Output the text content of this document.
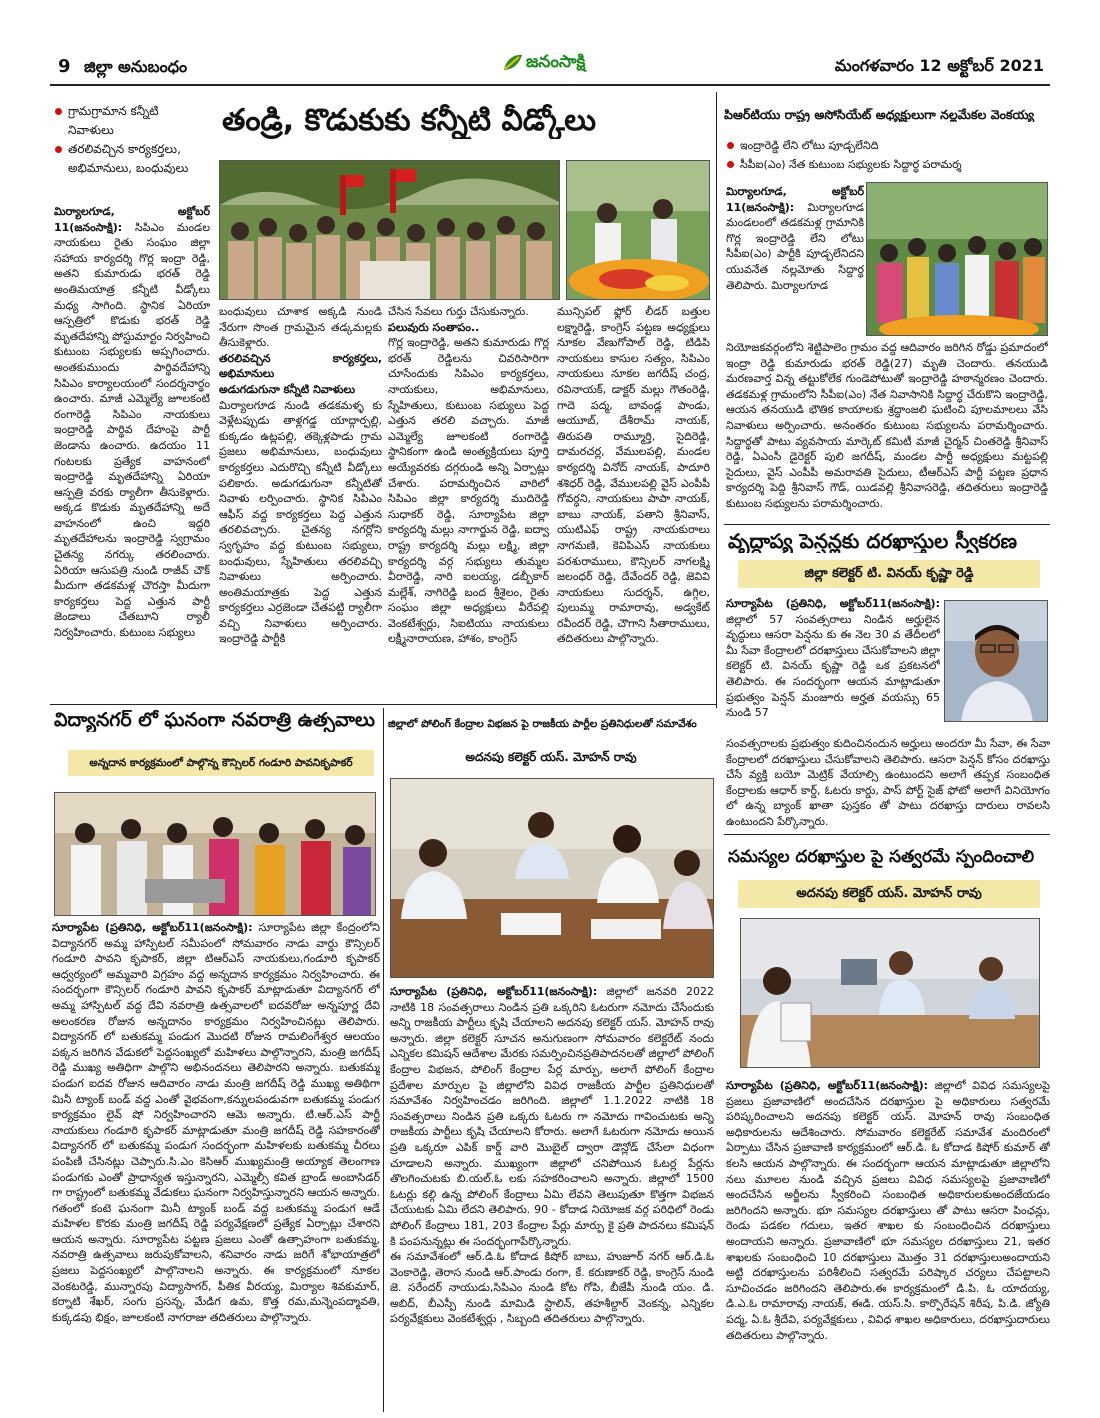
9 జిల్లా అనుబంధం	జనంసాక్షి	మంగళవారం 12 అక్టోబర్ 2021
గ్రామగ్రామాన కన్నీటి నివాళులు
తరలివచ్చిన కార్యకర్తలు, అభిమానులు, బంధువులు
తండ్రి, కొడుకుకు కన్నీటి వీడ్కోలు
మిర్యాలగూడ, అక్టోబర్ 11(జనంసాక్షి): సిపిఎం మండల నాయకులు రైతు సంఘం జిల్లా సహాయ కార్యదర్శి గొర్ల ఇంద్రా రెడ్డి, అతని కుమారుడు భరత్ రెడ్డి అంతిమయాత్ర కన్నీటి వీడ్కోలు మధ్య సాగింది. స్థానిక ఏరియా ఆస్పత్రిలో కొడుకు భరత్ రెడ్డి మృతదేహాన్ని పోస్టుమార్టం నిర్వహించి కుటుంబ సభ్యులకు అప్పగించారు. అంతకుముందు పార్థివదేహాన్ని సిపిఎం కార్యాలయంలో సందర్శనార్థం ఉంచారు. మాజీ ఎమ్మెల్యే జూలకంటి రంగారెడ్డి సిపిఎం నాయకులు ఇంద్రారెడ్డి పార్థివ దేహంపై పార్టీ జెండాను ఉంచారు. ఉదయం 11 గంటలకు ప్రత్యేక వాహనంలో ఇంద్రారెడ్డి మృతదేహాన్ని ఏరియా ఆస్పత్రి వరకు ర్యాలీగా తీసుకెళ్లారు. అక్కడ కొడుకు మృతదేహాన్ని అదే వాహనంలో ఉంచి ఇద్దరి మృతదేహాలను ఇంద్రారెడ్డి స్వగ్రామం చైతన్య నగర్కు తరలించారు. ఏరియా ఆసుపత్రి నుండి రాజీవ్ చౌక్ మీదుగా తడకమళ్ల చౌరస్తా మీదుగా కార్యకర్తలు పెద్ద ఎత్తున పార్టీ జెండాలు చేతబూని ర్యాలీ నిర్వహించారు. కుటుంబ సభ్యులు

బంధువులు చూశాక అక్కడి నుండి నేరుగా సొంత గ్రామమైన తడ్కమల్లకు తీసుకెళ్లారు.

తరలివచ్చిన కార్యకర్తలు, అభిమానులు

అడుగడుగునా కన్నీటి నివాళులు

మిర్యాలగూడ నుండి తడకమళ్ళ కు వెళ్లేటప్పుడు తాళ్లగడ్డ యాద్గార్పల్లి, కుక్కడం ఉట్లపల్లి, తక్కెళ్లపాడు గ్రామ ప్రజలు అభిమానులు, బంధువులు కార్యకర్తలు ఎదురొచ్చి కన్నీటి వీడ్కోలు పలికారు. అడుగడుగునా కన్నీటితో నివాళు లర్పించారు. స్థానిక సిపిఎం ఆఫీస్ వద్ద కార్యకర్తలు పెద్ద ఎత్తున తరలివచ్చారు. చైతన్య నగర్లోని స్వగృహం వద్ద కుటుంబ సభ్యులు, బంధువులు, స్నేహితులు తరలివచ్చి నివాళులు అర్పించారు. అంతిమయాత్రకు పెద్ద ఎత్తున కార్యకర్తలు ఎర్రజెండా చేతపట్టి ర్యాలీగా వచ్చి నివాళులు అర్పించారు. ఇంద్రారెడ్డి పార్టీకి

చేసిన సేవలు గుర్తు చేసుకున్నారు.

పలువురు సంతాపం..

గొర్ల ఇంద్రారెడ్డి, అతని కుమారుడు గొర్ల భరత్ రెడ్డిలను చివరిసారిగా చూసేందుకు సిపిఎం కార్యకర్తలు, నాయకులు, అభిమానులు, స్నేహితులు, కుటుంబ సభ్యులు పెద్ద ఎత్తున తరలి వచ్చారు. మాజీ ఎమ్మెల్యే జూలకంటి రంగారెడ్డి స్థానికంగా ఉండి అంత్యక్రియలు పూర్తి అయ్యేవరకు దగ్గరుండి అన్ని ఏర్పాట్లు చేశారు. పరామర్శించిన వారిలో సిపిఎం జిల్లా కార్యదర్శి ముదిరెడ్డి సుధాకర్ రెడ్డి, సూర్యాపేట జిల్లా కార్యదర్శి మల్లు నాగార్జున రెడ్డి, ఐద్వా రాష్ట్ర కార్యదర్శి మల్లు లక్ష్మి, జిల్లా కార్యదర్శి వర్గ సభ్యులు తుమ్మల వీరారెడ్డి, నారి ఐలయ్య, డబ్బీకార్ మల్లేశ్, నాగిరెడ్డి బంద శ్రీశైలం, రైతు సంఘం జిల్లా అధ్యక్షులు వీరేపల్లి వెంకటేశ్వర్లు, సిఐటియు నాయకులు లక్ష్మీనారాయణ, హాశం, కాంగ్రెస్

మున్సిపల్ ఫ్లోర్ లీడర్ బత్తుల లక్ష్మారెడ్డి, కాంగ్రెస్ పట్టణ అధ్యక్షులు నూకల వేణుగోపాల్ రెడ్డి, టిడిపి నాయకులు కాసుల సత్యం, సిపిఎం నాయకులు నూకల జగదీష్ చంద్ర, రవినాయక్, డాక్టర్ మల్లు గౌతంరెడ్డి, గాదె పద్మ, బావండ్ల పాండు, ఆయూబ్, దేశీరామ్ నాయక్, తిరుపతి రామ్మూర్తి, సైదిరెడ్డి, దామరచర్ల, వేములపల్లి, మండల కార్యదర్శి వినోద్ నాయక్, పాదూరి శశిధర్ రెడ్డి, వేములపల్లి వైస్ ఎంపీపీ గోవర్ధని, నాయకులు పాపా నాయక్, బాబు నాయక్, పతాని శ్రీనివాస్, యుటిఎఫ్ రాష్ట్ర నాయకురాలు నాగమణి, కెవిపిఎస్ నాయకులు పరశురాములు, కౌన్సిలర్ నాగలక్ష్మి జలంధర్ రెడ్డి, దేవేందర్ రెడ్డి, జెవివి నాయకులు సుదర్శన్, ఉగ్గిల, పులుమ్మ రామారావు, అడ్వకేట్ రవీందర్ రెడ్డి, చౌగాని సీతారాములు, తదితరులు పాల్గొన్నారు.
పిఆర్‌టియు రాష్ట్ర అసోసియేట్ అధ్యక్షులుగా నల్లమేకల వెంకయ్య
ఇంద్రారెడ్డి లేని లోటు పూడ్చలేనిది
సీపీఐ(ఎం) నేత కుటుంబ సభ్యులకు సిద్దార్థ పరామర్శ
మిర్యాలగూడ, అక్టోబర్ 11(జనంసాక్షి): మిర్యాలగూడ మండలంలో తడకమళ్ల గ్రామానికి గొర్ల ఇంద్రారెడ్డి లేని లోటు సీపీఐ(ఎం) పార్టీకి పూడ్చలేనిదని యువనేత నల్లమోతు సిద్దార్థ తెలిపారు. మిర్యాలగూడ
నియోజకవర్గంలోని శెట్టిపాలెం గ్రామం వద్ద ఆదివారం జరిగిన రోడ్డు ప్రమాదంలో ఇంద్రా రెడ్డి కుమారుడు భరత్ రెడ్డి(27) మృతి చెందారు. తనయుడి మరణవార్త విన్న తట్టుకోలేక గుండెపోటుతో ఇంద్రారెడ్డి హఠాన్మరణం చెందారు. తడకమళ్ల గ్రామంలోని సీపీఐ(ఎం) నేత నివాసానికి సిద్దార్థ చేరుకొని ఇంద్రారెడ్డి, ఆయన తనయుడి భౌతిక కాయాలకు శ్రద్ధాంజలి ఘటించి పూలమాలలు వేసి నివాళులు అర్పించారు. అనంతరం కుటుంబ సభ్యులను పరామర్శించారు. సిద్దార్థతో పాటు వ్యవసాయ మార్కెట్ కమిటీ మాజీ చైర్మన్ చింతరెడ్డి శ్రీనివాస్ రెడ్డి, ఏఎంసీ డైరెక్టర్ పులి జగదీష్, మండల పార్టీ అధ్యక్షులు మట్టపల్లి సైదులు, వైస్ ఎంపీపీ అమరావతి సైదులు, టీఆర్ఎస్ పార్టీ పట్టణ ప్రధాన కార్యదర్శి పెద్ది శ్రీనివాస్ గౌడ్, యిడవల్లి శ్రీనివాసరెడ్డి, తదితరులు ఇంద్రారెడ్డి కుటుంబ సభ్యులను పరామర్శించారు.
వృద్ధాప్య పెన్షన్లకు దరఖాస్తుల స్వీకరణ
జిల్లా కలెక్టర్ టి. వినయ్ కృష్ణా రెడ్డి
సూర్యాపేట (ప్రతినిధి, అక్టోబర్11(జనంసాక్షి): జిల్లాలో 57 సంవత్సరాలు నిండిన అర్హులైన వృద్ధులు ఆసరా పెన్షను కు ఈ నెల 30 వ తేదీలలో మీ సేవా కేంద్రాలలో దరఖాస్తులు చేసుకోవాలని జిల్లా కలెక్టర్ టి. వినయ్ కృష్ణా రెడ్డి ఒక ప్రకటనలో తెలిపారు. ఈ సందర్భంగా ఆయన మాట్లాడుతూ ప్రభుత్వం పెన్షన్ మంజూరు అర్హత వయస్సు 65 నుండి 57
సంవత్సరాలకు ప్రభుత్వం కుదించినందున అర్హులు అందరూ మీ సేవా, ఈ సేవా కేంద్రాలలో దరఖాస్తులు చేసుకోవాలని తెలిపారు. ఆసరా పెన్షన్ కోసం దరఖాస్తు చేసే వ్యక్తి బయో మెట్రిక్ వేయాల్సి ఉంటుందని అలాగే తప్పక సంబంధిత కేంద్రాలకు ఆధార్ కార్డ్, ఓటరు కార్డు, పాస్ పోర్ట్ సైజ్ ఫోటో అలాగే వినియోగం లో ఉన్న బ్యాంక్ ఖాతా పుస్తకం తో పాటు దరఖాస్తు దారులు రావలసి ఉంటుందని పేర్కొన్నారు.
సమస్యల దరఖాస్తుల పై సత్వరమే స్పందించాలి
అదనపు కలెక్టర్ యస్. మోహన్ రావు
సూర్యాపేట (ప్రతినిధి, అక్టోబర్11(జనంసాక్షి): జిల్లాలో వివిధ సమస్యలపై ప్రజలు ప్రజావాణిలో అందచేసిన దరఖాస్తుల పై అధికారులు సత్వరమే పరిష్కరించాలని అదనపు కలెక్టర్ యస్. మోహన్ రావు సంబంధిత అధికారులను ఆదేశించారు. సోమవారం కలెక్టరేట్ సమావేశ మందిరంలో ఏర్పాటు చేసిన ప్రజావాణి కార్యక్రమంలో ఆర్.డి. ఓ కోదాడ కిషోర్ కుమార్ తో కలసి ఆయన పాల్గొన్నారు. ఈ సందర్భంగా ఆయన మాట్లాడుతూ జిల్లాలోని నలు మూలల నుండి వచ్చిన ప్రజలు వివిధ సమస్యలపై ప్రజావాణిలో అందచేసిన అర్జీలను స్వీకరించి సంబంధిత అధికారులకుఅందజేయడం జరిగిందని అన్నారు. భూ సమస్యల దరఖాస్తులు తో పాటు ఆసరా పింఛన్లు, రెండు పడకల గదులు, ఇతర శాఖల కు సంబంధించిన దరఖాస్తులు అందాయని అన్నారు. ప్రజావాణిలో భూ సమస్యల దరఖాస్తులు 21, ఇతర శాఖలకు సంబంధించి 10 దరఖాస్తులు మొత్తం 31 దరఖాస్తులుఅందాయని అట్టి దరఖాస్తులను పరిశీలించి సత్వరమే పరిష్కార చర్యలు చేపట్టాలని సూచించడం జరిగిందని తెలిపారు.ఈ కార్యక్రమంలో డి.పి. ఓ యాదయ్య, డి.ఎ.ఓ రామారావు నాయక్, ఈడి. యస్.సి. కార్పొరేషన్ శిరీష, పి.డి. జ్యోతి పద్మ, ఏ.ఓ శ్రీదేవి, పర్యవేక్షకులు , వివిధ శాఖల అధికారులు, దరఖాస్తుదారులు తదితరులు పాల్గొన్నారు.
విద్యానగర్ లో ఘనంగా నవరాత్రి ఉత్సవాలు
అన్నదాన కార్యక్రమంలో పాల్గొన్న కౌన్సిలర్ గండూరి పావనికృపాకర్
సూర్యాపేట (ప్రతినిధి, అక్టోబర్11(జనంసాక్షి): సూర్యాపేట జిల్లా కేంద్రంలోని విద్యానగర్ అమ్మ హాస్పిటల్ సమీపంలో సోమవారం నాడు వార్డు కౌన్సిలర్ గండూరి పావని కృపాకర్, జిల్లా టిఆర్ఎస్ నాయకులు,గండూరి కృపాకర్ ఆధ్వర్యంలో అమ్మవారి విగ్రహం వద్ద అన్నదాన కార్యక్రమం నిర్వహించారు. ఈ సందర్భంగా కౌన్సిలర్ గండూరి పావని కృపాకర్ మాట్లాడుతూ విద్యానగర్ లో అమ్మ హాస్పిటల్ వద్ద దేవి నవరాత్రి ఉత్సవాలలో ఐదవరోజు అన్నపూర్ణ దేవి అలంకరణ రోజున అన్నదానం కార్యక్రమం నిర్వహించినట్లు తెలిపారు. విద్యానగర్ లో బతుకమ్మ పండుగ మొదటి రోజున రామలింగేశ్వర ఆలయం పక్కన జరిగిన వేడుకలో పెద్దసంఖ్యలో మహిళలు పాల్గొన్నారని, మంత్రి జగదీష్ రెడ్డి ముఖ్య అతిధిగా పాల్గొని అభినందనలు తెలిపారని అన్నారు. బతుకమ్మ పండుగ ఐదవ రోజున ఆదివారం నాడు మంత్రి జగదీష్ రెడ్డి ముఖ్య అతిథిగా మినీ ట్యాంక్ బండ్ వద్ద ఎంతో వైభవంగా,కన్నులపండువగా బతుకమ్మ పండుగ కార్యక్రమం లైవ్ షో నిర్వహించారని ఆమె అన్నారు. టి.ఆర్.ఎస్ పార్టీ నాయకులు గండూరి కృపాకర్ మాట్లాడుతూ మంత్రి జగదీష్ రెడ్డి సహకారంతో విద్యానగర్ లో బతుకమ్మ పండుగ సందర్భంగా మహిళలకు బతుకమ్మ చీరలు పంపిణీ చేసినట్లు చెప్పారు.సి.ఎం కెసిఆర్ ముఖ్యమంత్రి అయ్యాక తెలంగాణ పండుగకు ఎంతో ప్రాధాన్యత ఇస్తున్నారని, ఎమ్మెల్సీ కవిత బ్రాండ్ అంబాసిడర్ గా రాష్ట్రంలో బతుకమ్మ వేడుకలు ఘనంగా నిర్వహిస్తున్నారని ఆయన అన్నారు. గతంలో కంటె ఘనంగా మినీ ట్యాంక్ బండ్ వద్ద బతుకమ్మ పండుగ ఆడే మహిళల కొరకు మంత్రి జగదీష్ రెడ్డి పర్యవేక్షణలో ప్రత్యేక ఏర్పాట్లు చేశారని ఆయన అన్నారు. సూర్యాపేట పట్టణ ప్రజలు ఎంతో ఉత్సాహంగా బతుకమ్మ, నవరాత్రి ఉత్సవాలు జరుపుకోవాలని, శనివారం నాడు జరిగే శోభాయాత్రలో ప్రజలు పెద్దసంఖ్యలో పాల్గొనాలని అన్నారు. ఈ కార్యక్రమంలో నూకల వెంకటరెడ్డి, మున్నారపు విద్యాసాగర్, పీతిక వీరయ్య, మిర్యాల శివకుమార్, కర్నాటి శేఖర్, సంగు ప్రసన్న, మేడిగ ఉమ, కొత్త రమ,మన్నెంపద్మావతి, కుక్కడపు భిక్షం, జూలకంటి నాగరాజు తదితరులు పాల్గొన్నారు.
జిల్లాలో పోలింగ్ కేంద్రాల విభజన పై రాజకీయ పార్టీల ప్రతినిధులతో సమావేశం
అదనపు కలెక్టర్ యస్. మోహన్ రావు

సూర్యాపేట (ప్రతినిధి, అక్టోబర్11(జనంసాక్షి): జిల్లాలో జనవరి 2022 నాటికి 18 సంవత్సరాలు నిండిన ప్రతి ఒక్కరిని ఓటరుగా నమోదు చేసేందుకు అన్ని రాజకీయ పార్టీలు కృషి చేయాలని అదనపు కలెక్టర్ యస్. మోహన్ రావు అన్నారు. జిల్లా కలెక్టర్ సూచన అనుగుణంగా సోమవారం కలెక్టరేట్ నందు ఎన్నికల కమిషన్ ఆదేశాల మేరకు సమర్పించినప్రతిపాదనలతో జిల్లాలో పోలింగ్ కేంద్రాల విభజన, పోలింగ్ కేంద్రాల పేర్ల మార్పు, అలాగే పోలింగ్ కేంద్రాల ప్రదేశాల మార్పుల పై జిల్లాలోని వివిధ రాజకీయ పార్టీల ప్రతినిధులతో సమావేశం నిర్వహించడం జరిగింది. జిల్లాలో 1.1.2022 నాటికి 18 సంవత్సరాలు నిండిన ప్రతి ఒక్కరు ఓటరు గా నమోదు గావించుటకు అన్ని రాజకీయ పార్టీలు కృషి చేయాలని కోరారు. అలాగే ఓటరుగా నమోదు అయిన ప్రతి ఒక్కరూ ఎపిక్ కార్డ్ వారి మొబైల్ ద్వారా డౌన్లోడ్ చేసేలా విధంగా చూడాలని అన్నారు. ముఖ్యంగా జిల్లాలో చనిపోయిన ఓటర్ల పేర్లను తొలగించుటకు బి.యల్.ఓ లకు సహకరించాలని అన్నారు. జిల్లాలో 1500 ఓటర్లు కల్గి ఉన్న పోలింగ్ కేంద్రాలు ఏమి లేవని తెలుపుతూ కొత్తగా విభజన చేయుటకు ఏమి లేదని తెలిపారు. 90 - కోదాడ నియోజక వర్గ పరిధిలో రెండు పోలింగ్ కేంద్రాలు 181, 203 కేంద్రాల పేర్లు మార్పు కై ప్రతి పాదనలు కమిషన్ కి పంపనున్నట్లు ఈ సందర్భంగాపేర్కొన్నారు.

ఈ సమావేశంలో ఆర్.డి.ఓ కోదాడ కిషోర్ బాబు, హుజూర్ నగర్ ఆర్.డి.ఓ వెంకారెడ్డి, తెరాస నుండి ఆర్.పాండు రంగా, కే. కరుణాకర్ రెడ్డి, కాంగ్రెస్ నుండి జె. సరేందర్ నాయుడు,సిపిఎం నుండి కోట గోపి, బీజేపీ నుండి యం. డి. అబిద్, బీఎస్పీ నుండి మామిడి స్టాలిన్, తహశీల్దార్ వెంకన్న, ఎన్నికల పర్యవేక్షకులు వెంకటేశ్వర్లు , సిబ్బంది తదితరులు పాల్గొన్నారు.
